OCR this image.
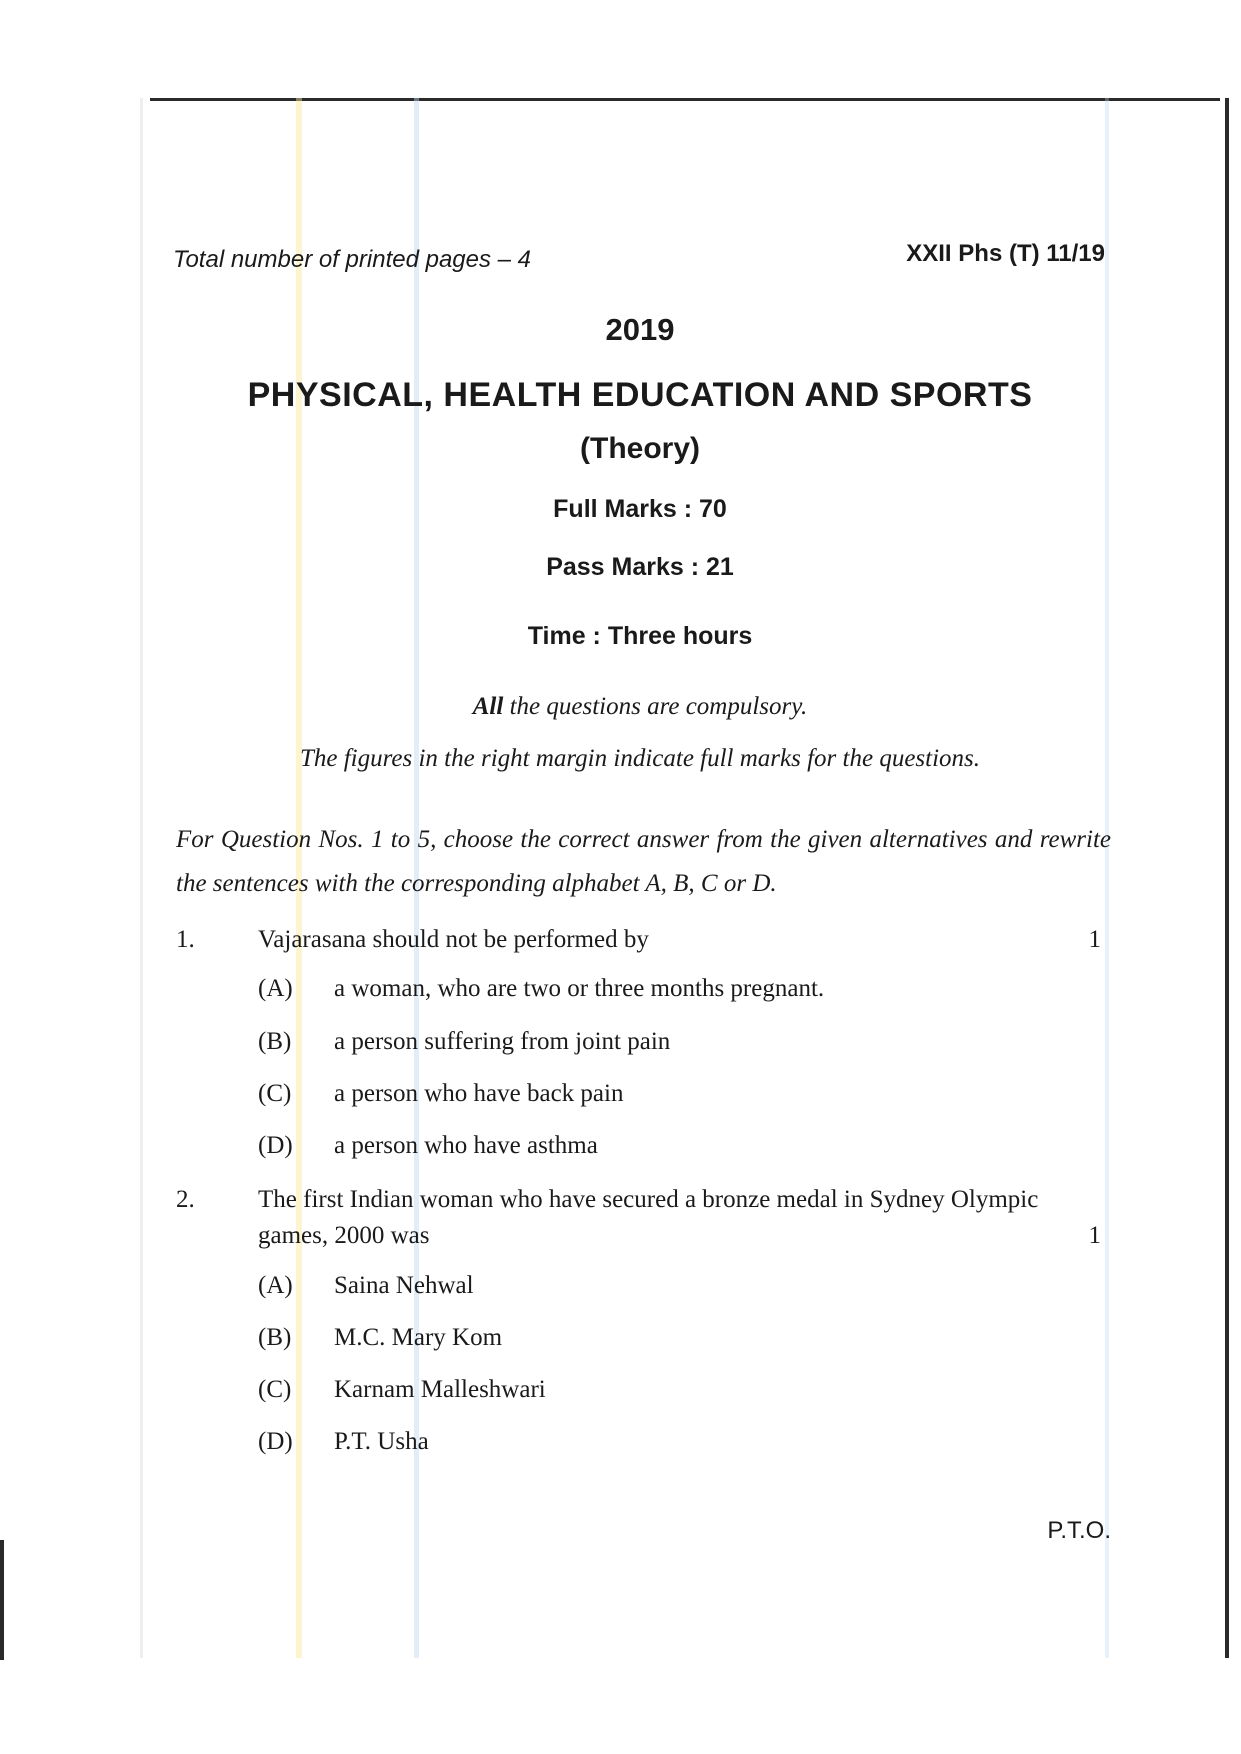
Total number of printed pages – 4	XXII Phs (T) 11/19
2019
PHYSICAL, HEALTH EDUCATION AND SPORTS
(Theory)
Full Marks : 70
Pass Marks : 21
Time : Three hours
All the questions are compulsory.
The figures in the right margin indicate full marks for the questions.
For Question Nos. 1 to 5, choose the correct answer from the given alternatives and rewrite the sentences with the corresponding alphabet A, B, C or D.
1.	Vajarasana should not be performed by	1
(A) a woman, who are two or three months pregnant.
(B) a person suffering from joint pain
(C) a person who have back pain
(D) a person who have asthma
2.	The first Indian woman who have secured a bronze medal in Sydney Olympic games, 2000 was	1
(A) Saina Nehwal
(B) M.C. Mary Kom
(C) Karnam Malleshwari
(D) P.T. Usha
P.T.O.
